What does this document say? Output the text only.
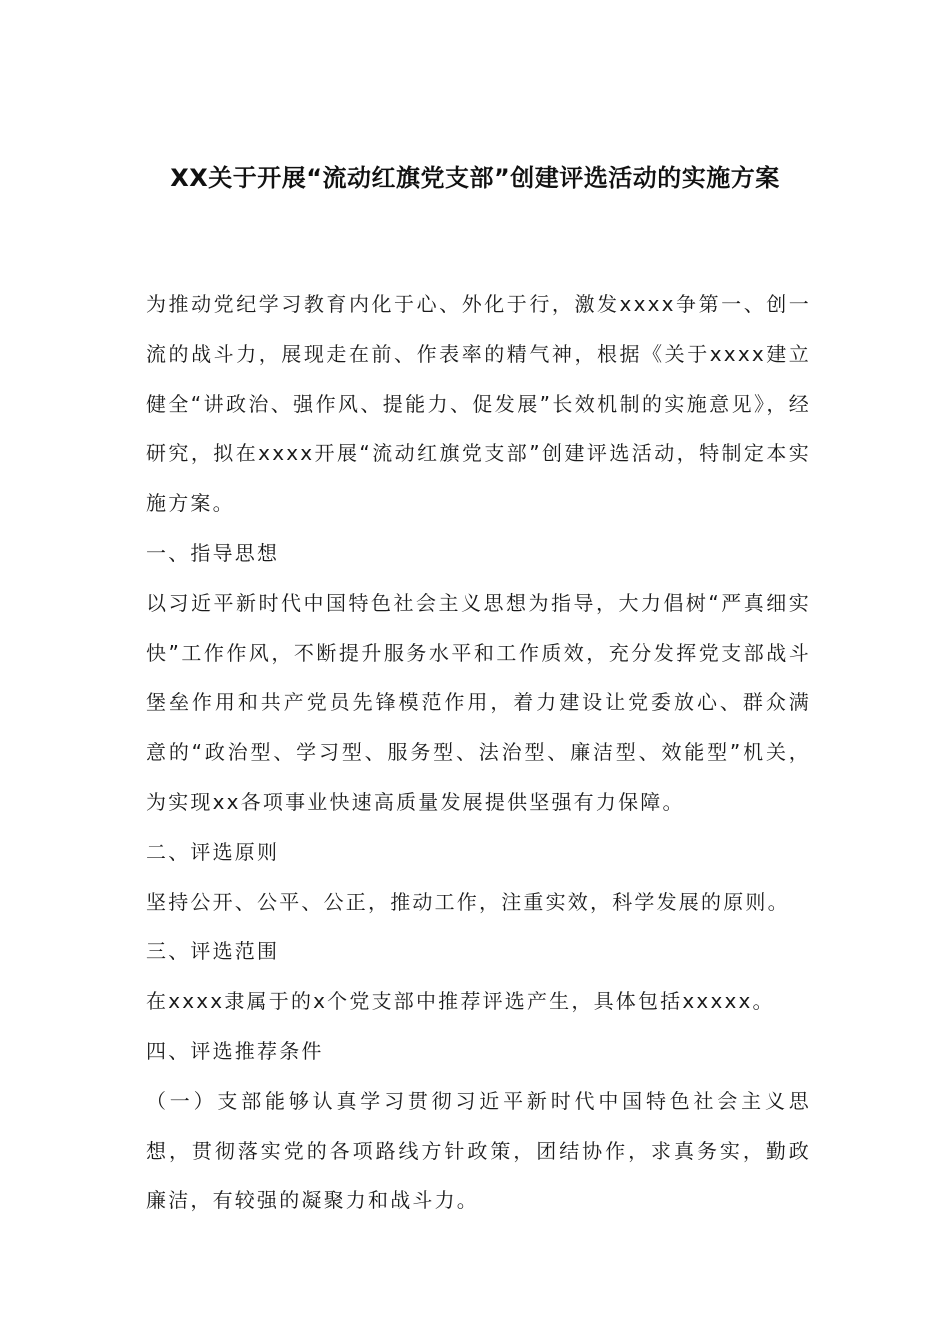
XX关于开展“流动红旗党支部”创建评选活动的实施方案

为推动党纪学习教育内化于心、外化于行，激发xxxx争第一、创一流的战斗力，展现走在前、作表率的精气神，根据《关于xxxx建立健全“讲政治、强作风、提能力、促发展”长效机制的实施意见》，经研究，拟在xxxx开展“流动红旗党支部”创建评选活动，特制定本实施方案。

一、指导思想

以习近平新时代中国特色社会主义思想为指导，大力倡树“严真细实快”工作作风，不断提升服务水平和工作质效，充分发挥党支部战斗堡垒作用和共产党员先锋模范作用，着力建设让党委放心、群众满意的“政治型、学习型、服务型、法治型、廉洁型、效能型”机关，为实现xx各项事业快速高质量发展提供坚强有力保障。

二、评选原则

坚持公开、公平、公正，推动工作，注重实效，科学发展的原则。

三、评选范围

在xxxx隶属于的x个党支部中推荐评选产生，具体包括xxxxx。

四、评选推荐条件

（一）支部能够认真学习贯彻习近平新时代中国特色社会主义思想，贯彻落实党的各项路线方针政策，团结协作，求真务实，勤政廉洁，有较强的凝聚力和战斗力。
